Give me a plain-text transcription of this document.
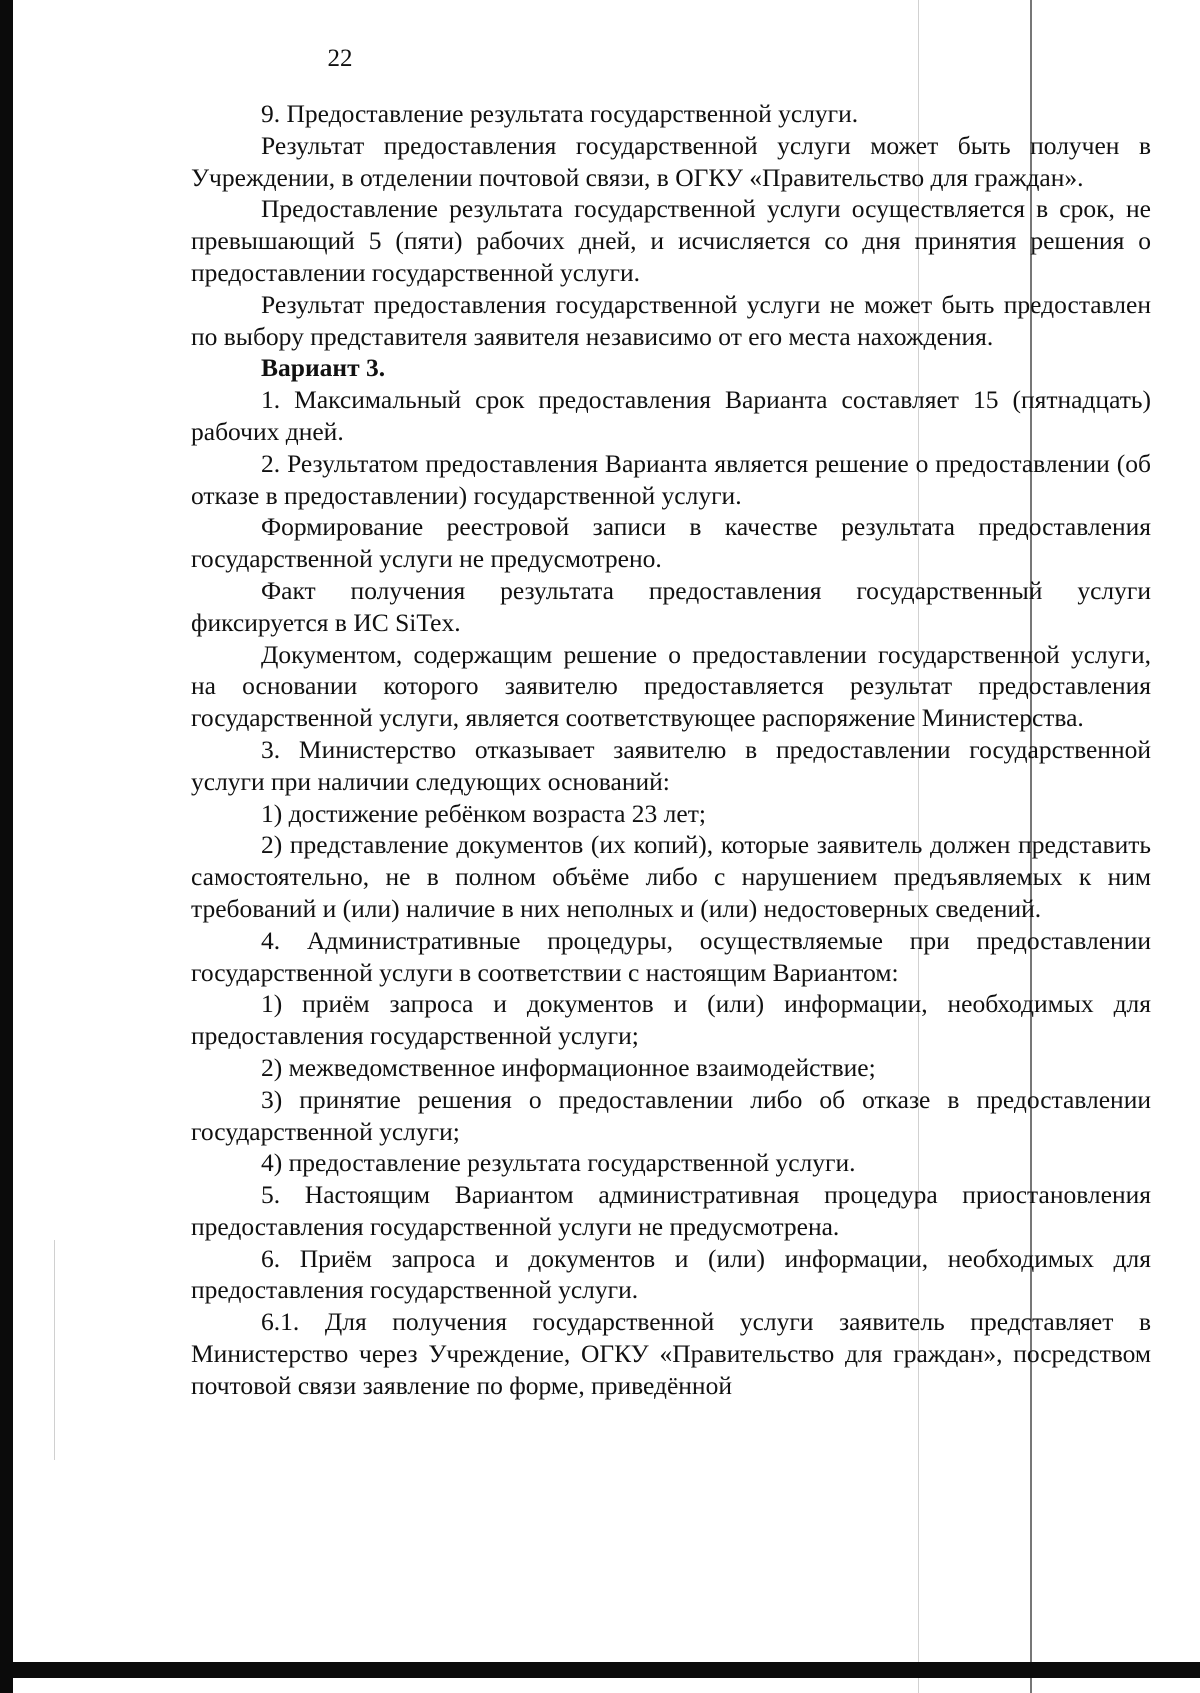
22

9. Предоставление результата государственной услуги.

Результат предоставления государственной услуги может быть получен в Учреждении, в отделении почтовой связи, в ОГКУ «Правительство для граждан».

Предоставление результата государственной услуги осуществляется в срок, не превышающий 5 (пяти) рабочих дней, и исчисляется со дня принятия решения о предоставлении государственной услуги.

Результат предоставления государственной услуги не может быть предоставлен по выбору представителя заявителя независимо от его места нахождения.

Вариант 3.

1. Максимальный срок предоставления Варианта составляет 15 (пятнадцать) рабочих дней.

2. Результатом предоставления Варианта является решение о предоставлении (об отказе в предоставлении) государственной услуги.

Формирование реестровой записи в качестве результата предоставления государственной услуги не предусмотрено.

Факт получения результата предоставления государственный услуги фиксируется в ИС SiTex.

Документом, содержащим решение о предоставлении государственной услуги, на основании которого заявителю предоставляется результат предоставления государственной услуги, является соответствующее распоряжение Министерства.

3. Министерство отказывает заявителю в предоставлении государственной услуги при наличии следующих оснований:

1) достижение ребёнком возраста 23 лет;

2) представление документов (их копий), которые заявитель должен представить самостоятельно, не в полном объёме либо с нарушением предъявляемых к ним требований и (или) наличие в них неполных и (или) недостоверных сведений.

4. Административные процедуры, осуществляемые при предоставлении государственной услуги в соответствии с настоящим Вариантом:

1) приём запроса и документов и (или) информации, необходимых для предоставления государственной услуги;

2) межведомственное информационное взаимодействие;

3) принятие решения о предоставлении либо об отказе в предоставлении государственной услуги;

4) предоставление результата государственной услуги.

5. Настоящим Вариантом административная процедура приостановления предоставления государственной услуги не предусмотрена.

6. Приём запроса и документов и (или) информации, необходимых для предоставления государственной услуги.

6.1. Для получения государственной услуги заявитель представляет в Министерство через Учреждение, ОГКУ «Правительство для граждан», посредством почтовой связи заявление по форме, приведённой
